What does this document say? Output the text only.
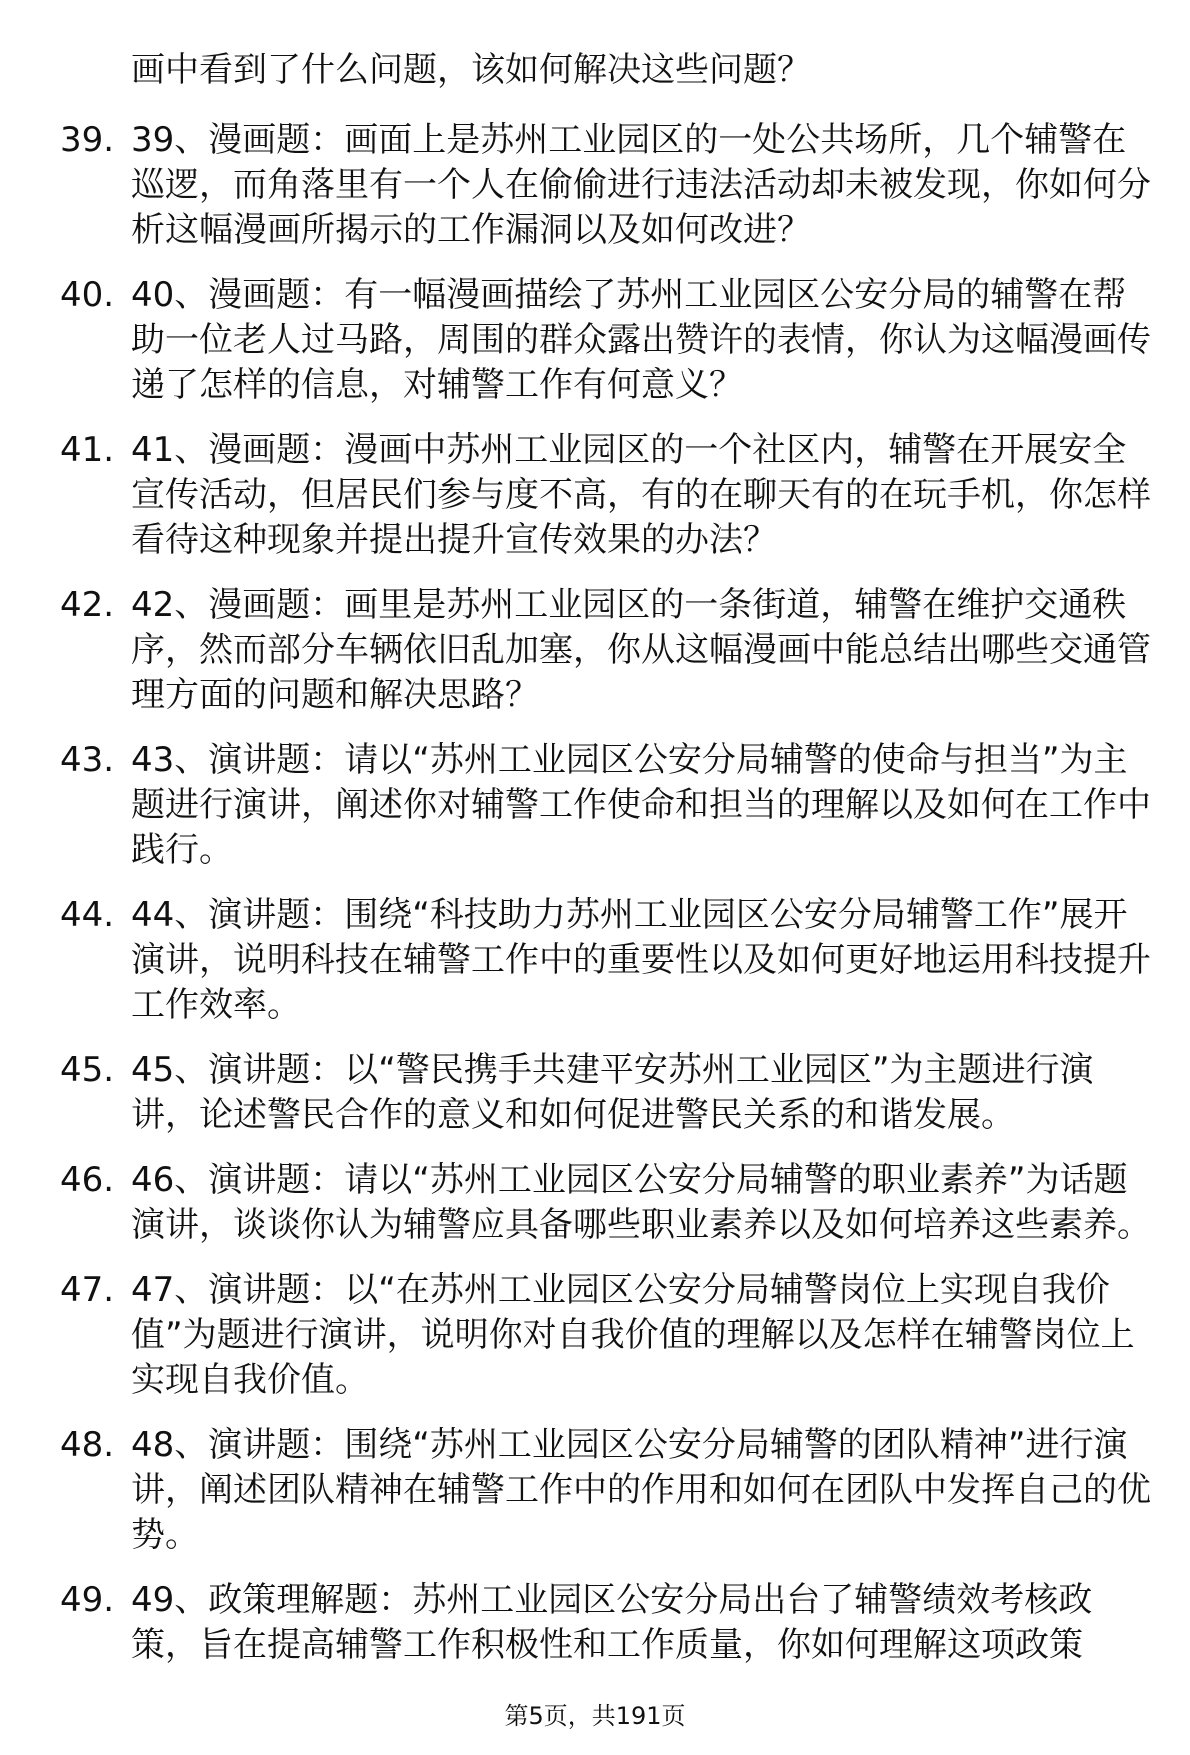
画中看到了什么问题，该如何解决这些问题？
39. 39、漫画题：画面上是苏州工业园区的一处公共场所，几个辅警在巡逻，而角落里有一个人在偷偷进行违法活动却未被发现，你如何分析这幅漫画所揭示的工作漏洞以及如何改进？
40. 40、漫画题：有一幅漫画描绘了苏州工业园区公安分局的辅警在帮助一位老人过马路，周围的群众露出赞许的表情，你认为这幅漫画传递了怎样的信息，对辅警工作有何意义？
41. 41、漫画题：漫画中苏州工业园区的一个社区内，辅警在开展安全宣传活动，但居民们参与度不高，有的在聊天有的在玩手机，你怎样看待这种现象并提出提升宣传效果的办法？
42. 42、漫画题：画里是苏州工业园区的一条街道，辅警在维护交通秩序，然而部分车辆依旧乱加塞，你从这幅漫画中能总结出哪些交通管理方面的问题和解决思路？
43. 43、演讲题：请以“苏州工业园区公安分局辅警的使命与担当”为主题进行演讲，阐述你对辅警工作使命和担当的理解以及如何在工作中践行。
44. 44、演讲题：围绕“科技助力苏州工业园区公安分局辅警工作”展开演讲，说明科技在辅警工作中的重要性以及如何更好地运用科技提升工作效率。
45. 45、演讲题：以“警民携手共建平安苏州工业园区”为主题进行演讲，论述警民合作的意义和如何促进警民关系的和谐发展。
46. 46、演讲题：请以“苏州工业园区公安分局辅警的职业素养”为话题演讲，谈谈你认为辅警应具备哪些职业素养以及如何培养这些素养。
47. 47、演讲题：以“在苏州工业园区公安分局辅警岗位上实现自我价值”为题进行演讲，说明你对自我价值的理解以及怎样在辅警岗位上实现自我价值。
48. 48、演讲题：围绕“苏州工业园区公安分局辅警的团队精神”进行演讲，阐述团队精神在辅警工作中的作用和如何在团队中发挥自己的优势。
49. 49、政策理解题：苏州工业园区公安分局出台了辅警绩效考核政策，旨在提高辅警工作积极性和工作质量，你如何理解这项政策
第5页，共191页
